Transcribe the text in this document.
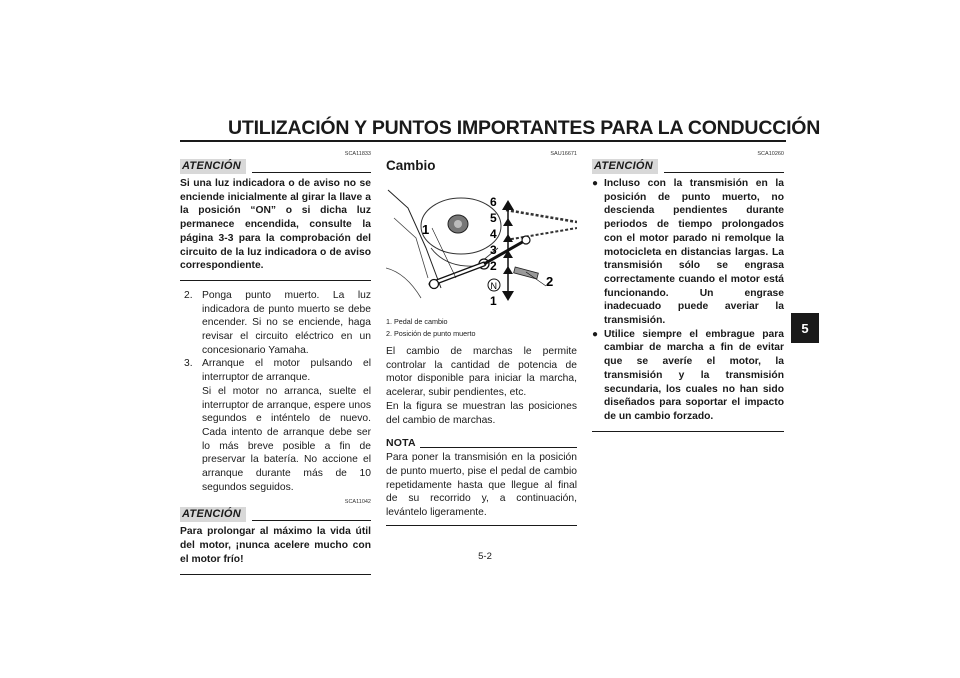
UTILIZACIÓN Y PUNTOS IMPORTANTES PARA LA CONDUCCIÓN
SCA11833
ATENCIÓN

Si una luz indicadora o de aviso no se enciende inicialmente al girar la llave a la posición “ON” o si dicha luz permanece encendida, consulte la página 3-3 para la comprobación del circuito de la luz indicadora o de aviso correspondiente.

2. Ponga punto muerto. La luz indicadora de punto muerto se debe encender. Si no se enciende, haga revisar el circuito eléctrico en un concesionario Yamaha.

3. Arranque el motor pulsando el interruptor de arranque.

Si el motor no arranca, suelte el interruptor de arranque, espere unos segundos e inténtelo de nuevo. Cada intento de arranque debe ser lo más breve posible a fin de preservar la batería. No accione el arranque durante más de 10 segundos seguidos.

SCA11042
ATENCIÓN

Para prolongar al máximo la vida útil del motor, ¡nunca acelere mucho con el motor frío!

SAU16671
Cambio
6
5
4
3
2
N
1
1
2
1. Pedal de cambio
2. Posición de punto muerto

El cambio de marchas le permite controlar la cantidad de potencia de motor disponible para iniciar la marcha, acelerar, subir pendientes, etc.

En la figura se muestran las posiciones del cambio de marchas.

NOTA

Para poner la transmisión en la posición de punto muerto, pise el pedal de cambio repetidamente hasta que llegue al final de su recorrido y, a continuación, levántelo ligeramente.

SCA10260
ATENCIÓN
● Incluso con la transmisión en la posición de punto muerto, no descienda pendientes durante periodos de tiempo prolongados con el motor parado ni remolque la motocicleta en distancias largas. La transmisión sólo se engrasa correctamente cuando el motor está funcionando. Un engrase inadecuado puede averiar la transmisión.
● Utilice siempre el embrague para cambiar de marcha a fin de evitar que se averíe el motor, la transmisión y la transmisión secundaria, los cuales no han sido diseñados para soportar el impacto de un cambio forzado.
5
5-2
